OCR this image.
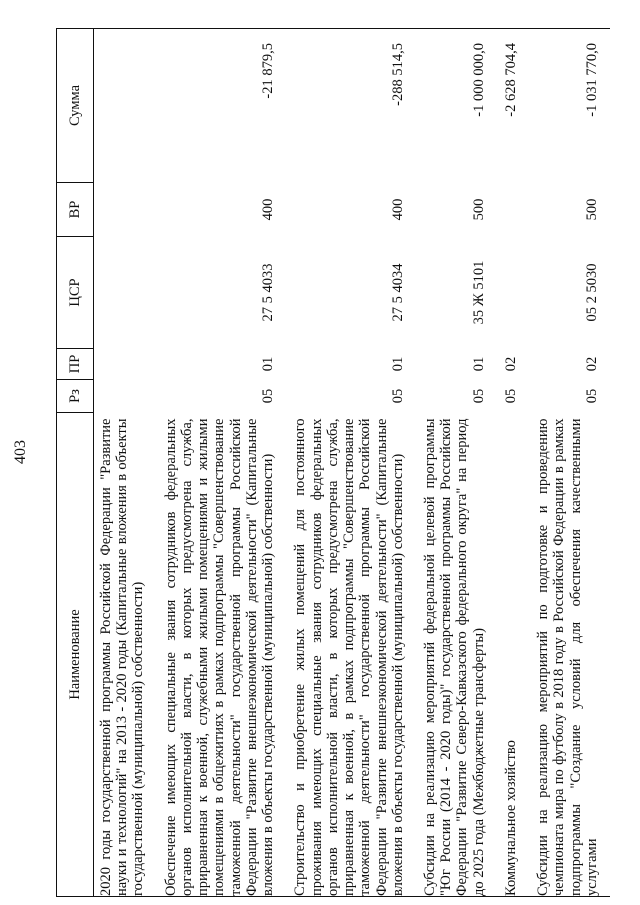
403
Наименование	Рз	ПР	ЦСР	ВР	Сумма
2020 годы государственной программы Российской Федерации "Развитие науки и технологий" на 2013 - 2020 годы (Капитальные вложения в объекты государственной (муниципальной) собственности)					
Обеспечение имеющих специальные звания сотрудников федеральных органов исполнительной власти, в которых предусмотрена служба, приравненная к военной, служебными жилыми помещениями и жилыми помещениями в общежитиях в рамках подпрограммы "Совершенствование таможенной деятельности" государственной программы Российской Федерации "Развитие внешнеэкономической деятельности" (Капитальные вложения в объекты государственной (муниципальной) собственности)	05	01	27 5 4033	400	-21 879,5
Строительство и приобретение жилых помещений для постоянного проживания имеющих специальные звания сотрудников федеральных органов исполнительной власти, в которых предусмотрена служба, приравненная к военной, в рамках подпрограммы "Совершенствование таможенной деятельности" государственной программы Российской Федерации "Развитие внешнеэкономической деятельности" (Капитальные вложения в объекты государственной (муниципальной) собственности)	05	01	27 5 4034	400	-288 514,5
Субсидии на реализацию мероприятий федеральной целевой программы "Юг России (2014 - 2020 годы)" государственной программы Российской Федерации "Развитие Северо-Кавказского федерального округа" на период до 2025 года (Межбюджетные трансферты)	05	01	35 Ж 5101	500	-1 000 000,0
Коммунальное хозяйство	05	02			-2 628 704,4
Субсидии на реализацию мероприятий по подготовке и проведению чемпионата мира по футболу в 2018 году в Российской Федерации в рамках подпрограммы "Создание условий для обеспечения качественными услугами	05	02	05 2 5030	500	-1 031 770,0
